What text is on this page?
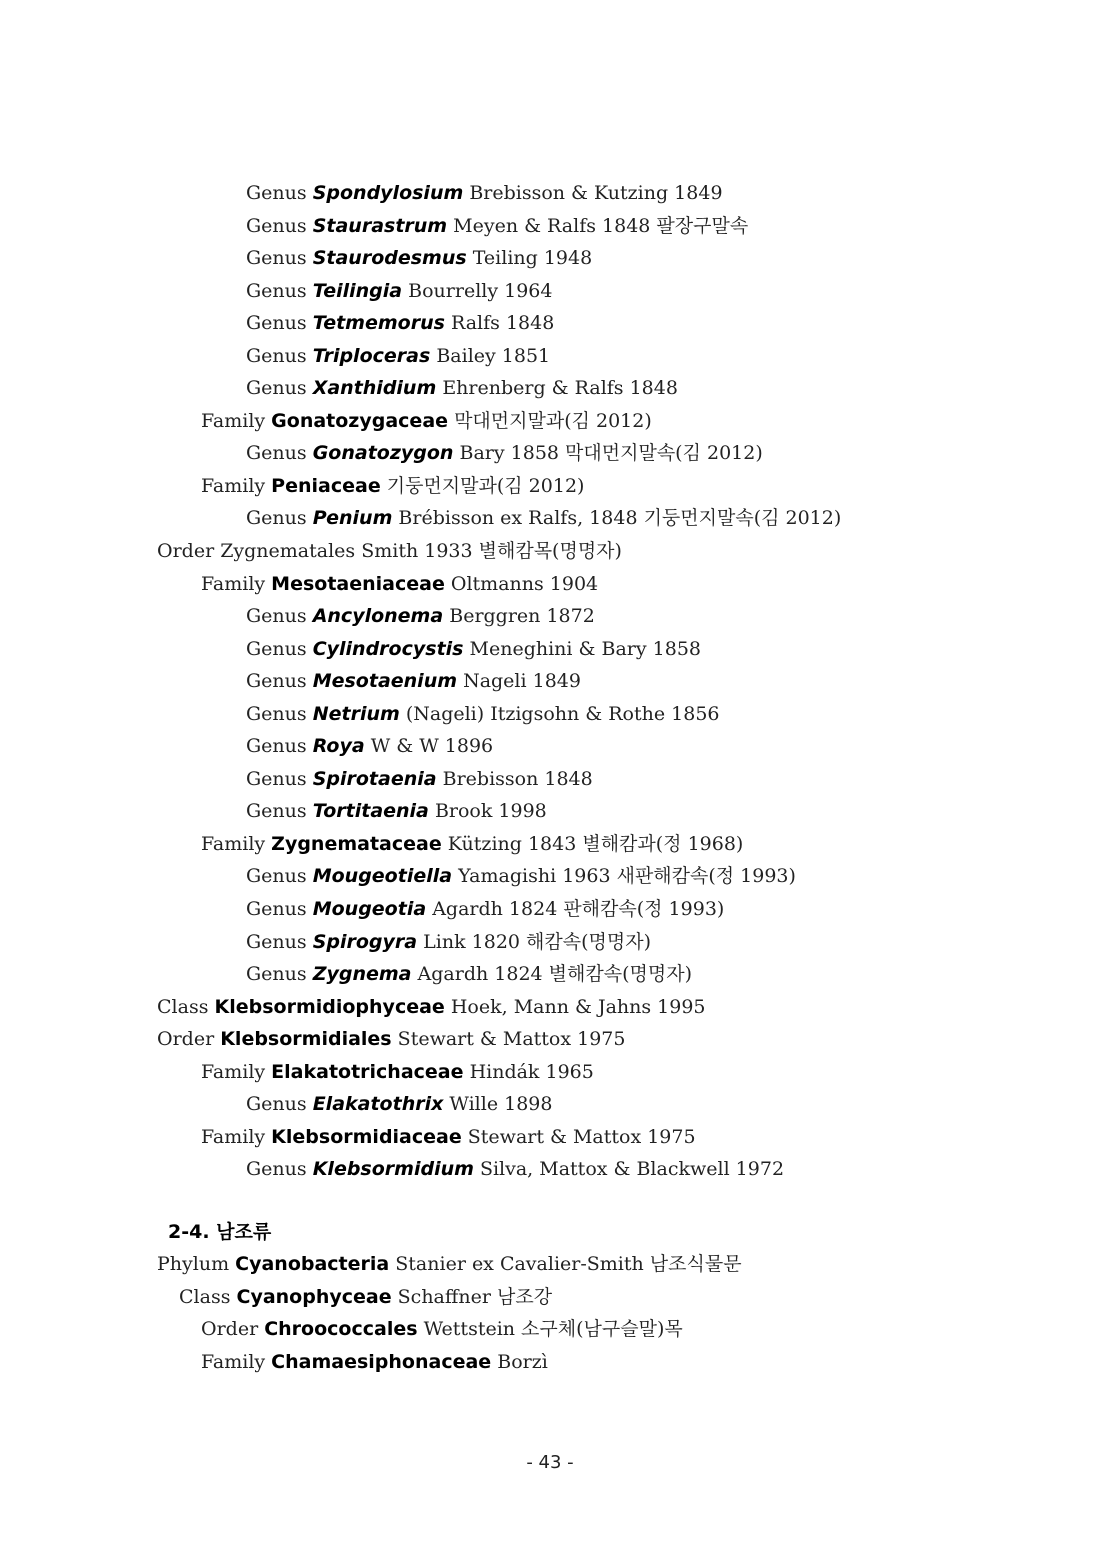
Genus Spondylosium Brebisson & Kutzing 1849
Genus Staurastrum Meyen & Ralfs 1848 팔장구말속
Genus Staurodesmus Teiling 1948
Genus Teilingia Bourrelly 1964
Genus Tetmemorus Ralfs 1848
Genus Triploceras Bailey 1851
Genus Xanthidium Ehrenberg & Ralfs 1848
Family Gonatozygaceae 막대먼지말과(김 2012)
Genus Gonatozygon Bary 1858 막대먼지말속(김 2012)
Family Peniaceae 기둥먼지말과(김 2012)
Genus Penium Brébisson ex Ralfs, 1848 기둥먼지말속(김 2012)
Order Zygnematales Smith 1933 별해캄목(명명자)
Family Mesotaeniaceae Oltmanns 1904
Genus Ancylonema Berggren 1872
Genus Cylindrocystis Meneghini & Bary 1858
Genus Mesotaenium Nageli 1849
Genus Netrium (Nageli) Itzigsohn & Rothe 1856
Genus Roya W & W 1896
Genus Spirotaenia Brebisson 1848
Genus Tortitaenia Brook 1998
Family Zygnemataceae Kützing 1843 별해캄과(정 1968)
Genus Mougeotiella Yamagishi 1963 새판해캄속(정 1993)
Genus Mougeotia Agardh 1824 판해캄속(정 1993)
Genus Spirogyra Link 1820 해캄속(명명자)
Genus Zygnema Agardh 1824 별해캄속(명명자)
Class Klebsormidiophyceae Hoek, Mann & Jahns 1995
Order Klebsormidiales Stewart & Mattox 1975
Family Elakatotrichaceae Hindák 1965
Genus Elakatothrix Wille 1898
Family Klebsormidiaceae Stewart & Mattox 1975
Genus Klebsormidium Silva, Mattox & Blackwell 1972
2-4. 남조류
Phylum Cyanobacteria Stanier ex Cavalier-Smith 남조식물문
Class Cyanophyceae Schaffner 남조강
Order Chroococcales Wettstein 소구체(남구슬말)목
Family Chamaesiphonaceae Borzì
- 43 -
